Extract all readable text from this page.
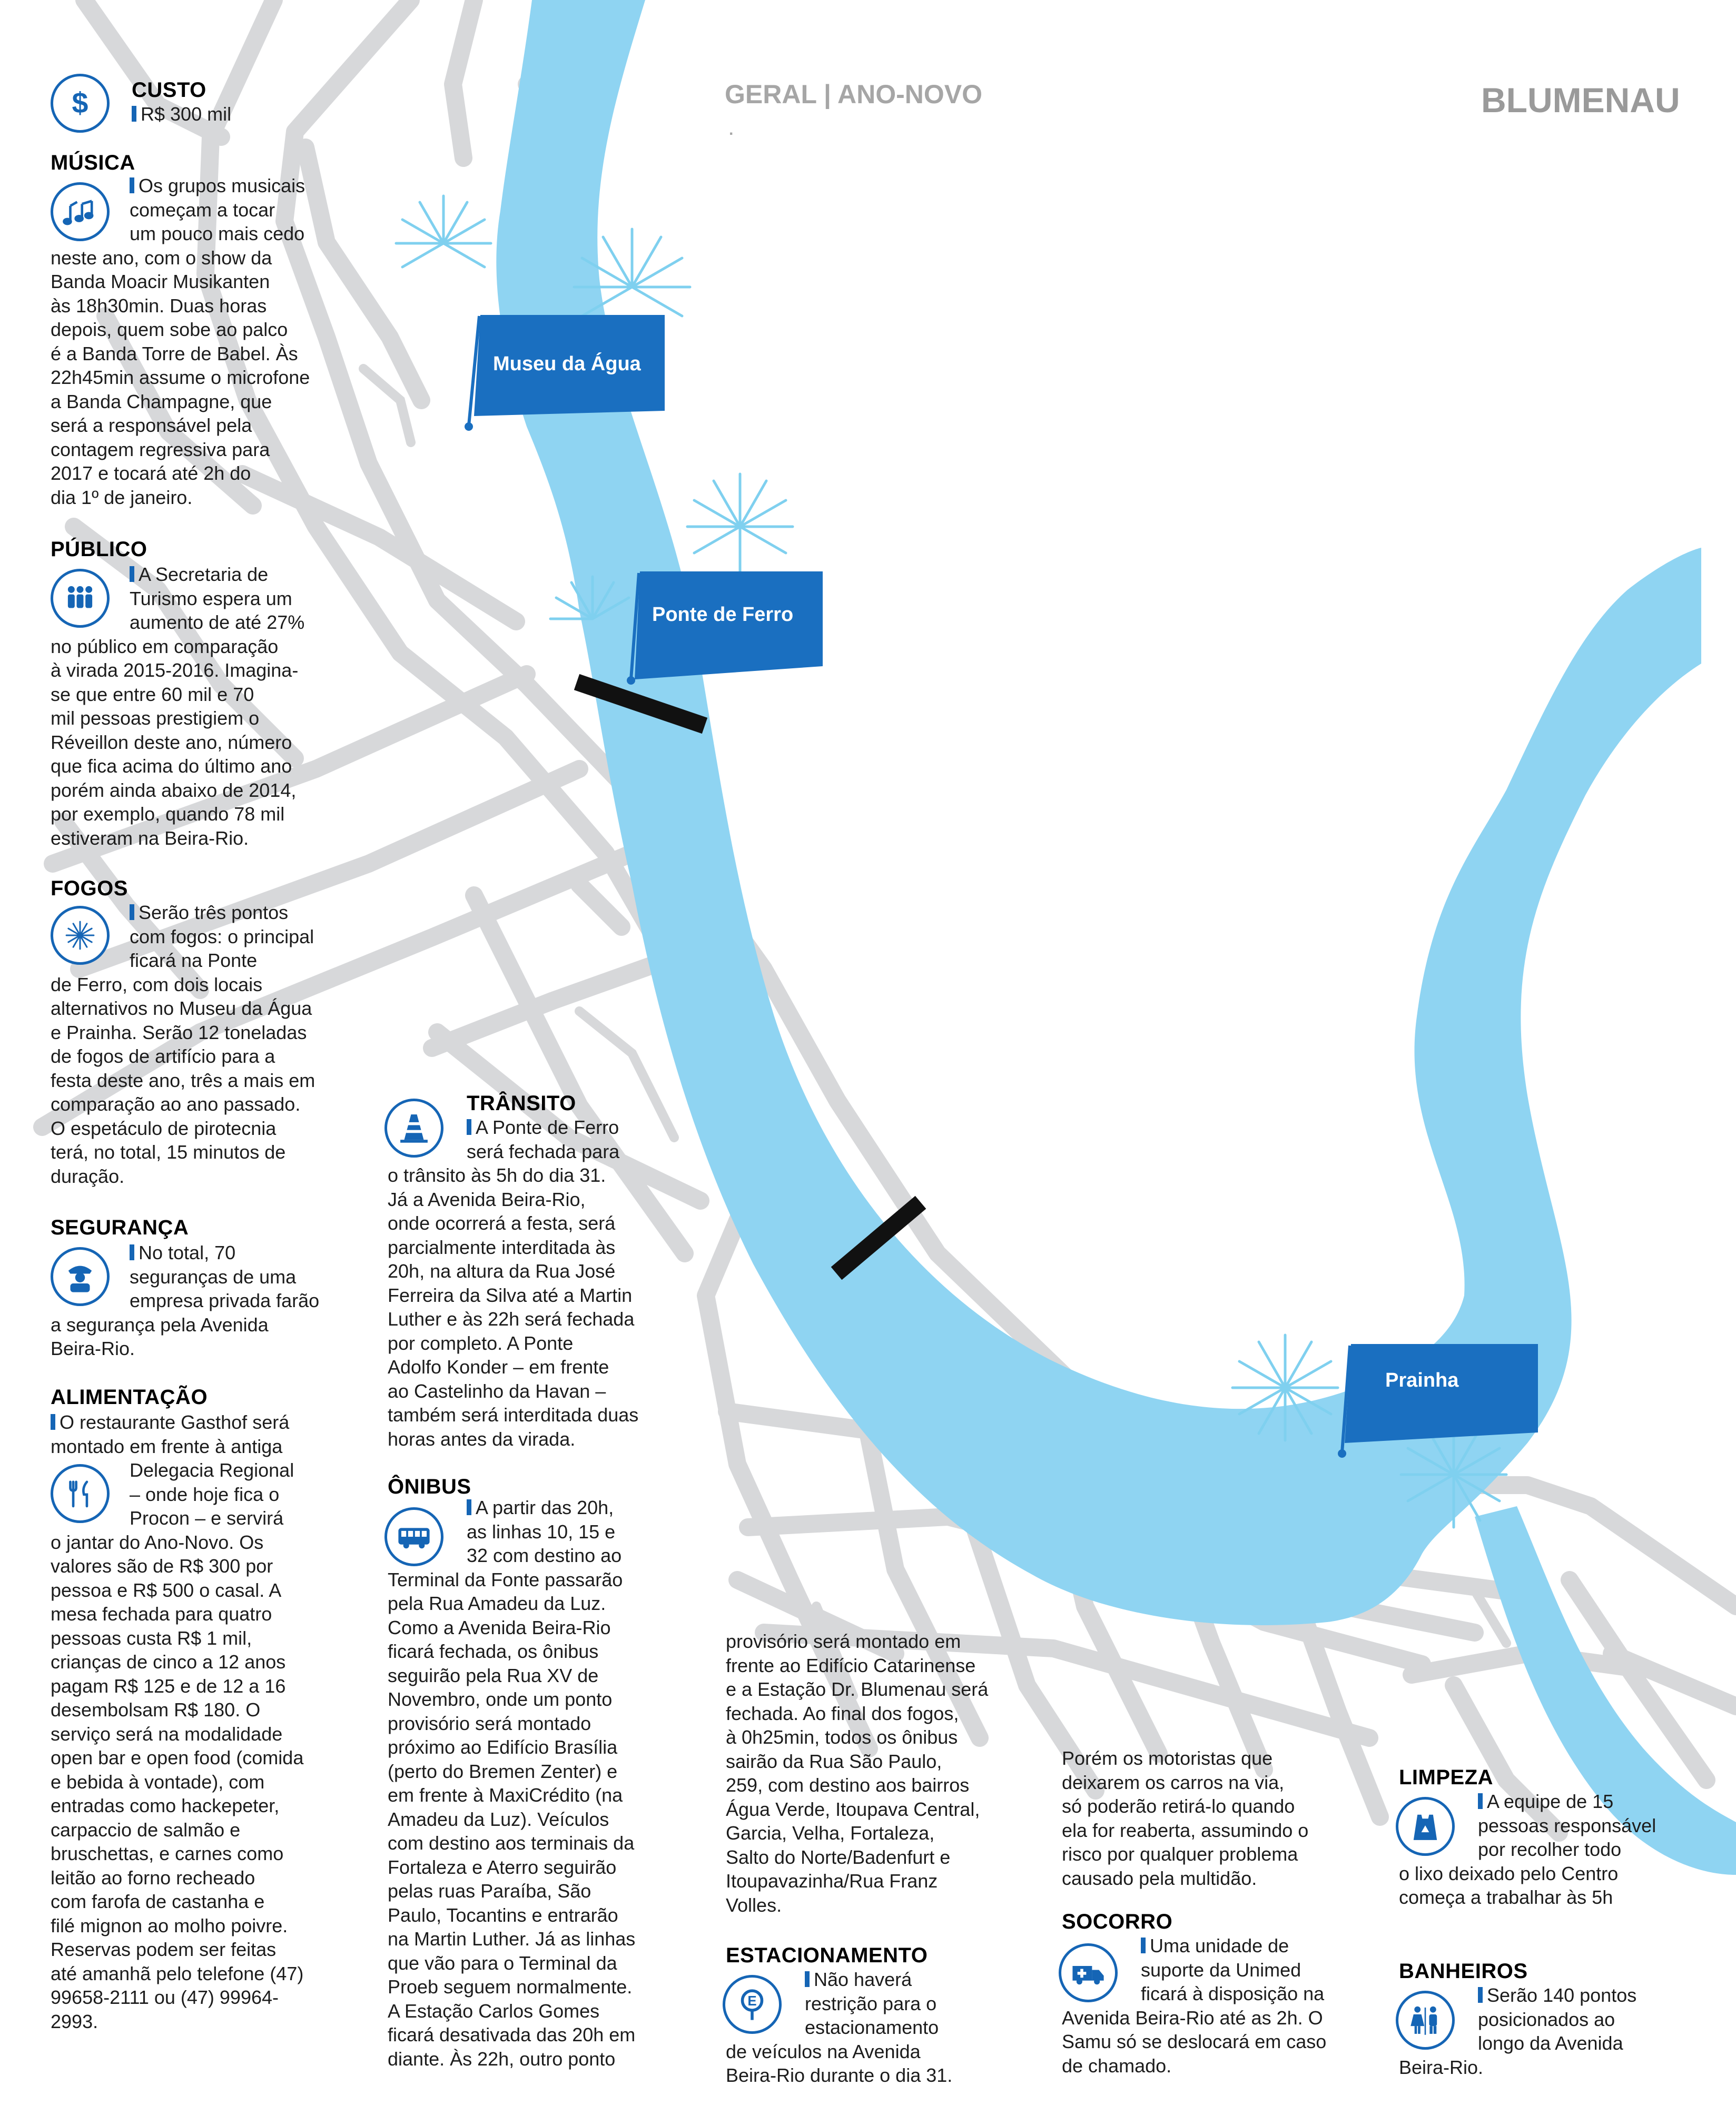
Museu da Água
Ponte de Ferro
Prainha
GERAL | ANO-NOVO
.
BLUMENAU
$ CUSTO

R$ 300 mil

MÚSICA

Os grupos musicais

começam a tocar

um pouco mais cedo

neste ano, com o show da

Banda Moacir Musikanten

às 18h30min. Duas horas

depois, quem sobe ao palco

é a Banda Torre de Babel. Às

22h45min assume o microfone

a Banda Champagne, que

será a responsável pela

contagem regressiva para

2017 e tocará até 2h do

dia 1º de janeiro.

PÚBLICO

A Secretaria de

Turismo espera um

aumento de até 27%

no público em comparação

à virada 2015-2016. Imagina-

se que entre 60 mil e 70

mil pessoas prestigiem o

Réveillon deste ano, número

que fica acima do último ano

porém ainda abaixo de 2014,

por exemplo, quando 78 mil

estiveram na Beira-Rio.

FOGOS

Serão três pontos

com fogos: o principal

ficará na Ponte

de Ferro, com dois locais

alternativos no Museu da Água

e Prainha. Serão 12 toneladas

de fogos de artifício para a

festa deste ano, três a mais em

comparação ao ano passado.

O espetáculo de pirotecnia

terá, no total, 15 minutos de

duração.

SEGURANÇA

No total, 70

seguranças de uma

empresa privada farão

a segurança pela Avenida

Beira-Rio.

ALIMENTAÇÃO

O restaurante Gasthof será

montado em frente à antiga

Delegacia Regional

– onde hoje fica o

Procon – e servirá

o jantar do Ano-Novo. Os

valores são de R$ 300 por

pessoa e R$ 500 o casal. A

mesa fechada para quatro

pessoas custa R$ 1 mil,

crianças de cinco a 12 anos

pagam R$ 125 e de 12 a 16

desembolsam R$ 180. O

serviço será na modalidade

open bar e open food (comida

e bebida à vontade), com

entradas como hackepeter,

carpaccio de salmão e

bruschettas, e carnes como

leitão ao forno recheado

com farofa de castanha e

filé mignon ao molho poivre.

Reservas podem ser feitas

até amanhã pelo telefone (47)

99658-2111 ou (47) 99964-

2993.

TRÂNSITO

A Ponte de Ferro

será fechada para

o trânsito às 5h do dia 31.

Já a Avenida Beira-Rio,

onde ocorrerá a festa, será

parcialmente interditada às

20h, na altura da Rua José

Ferreira da Silva até a Martin

Luther e às 22h será fechada

por completo. A Ponte

Adolfo Konder – em frente

ao Castelinho da Havan –

também será interditada duas

horas antes da virada.

ÔNIBUS

A partir das 20h,

as linhas 10, 15 e

32 com destino ao

Terminal da Fonte passarão

pela Rua Amadeu da Luz.

Como a Avenida Beira-Rio

ficará fechada, os ônibus

seguirão pela Rua XV de

Novembro, onde um ponto

provisório será montado

próximo ao Edifício Brasília

(perto do Bremen Zenter) e

em frente à MaxiCrédito (na

Amadeu da Luz). Veículos

com destino aos terminais da

Fortaleza e Aterro seguirão

pelas ruas Paraíba, São

Paulo, Tocantins e entrarão

na Martin Luther. Já as linhas

que vão para o Terminal da

Proeb seguem normalmente.

A Estação Carlos Gomes

ficará desativada das 20h em

diante. Às 22h, outro ponto

provisório será montado em

frente ao Edifício Catarinense

e a Estação Dr. Blumenau será

fechada. Ao final dos fogos,

à 0h25min, todos os ônibus

sairão da Rua São Paulo,

259, com destino aos bairros

Água Verde, Itoupava Central,

Garcia, Velha, Fortaleza,

Salto do Norte/Badenfurt e

Itoupavazinha/Rua Franz

Volles.

ESTACIONAMENTO
E

Não haverá

restrição para o

estacionamento

de veículos na Avenida

Beira-Rio durante o dia 31.

Porém os motoristas que

deixarem os carros na via,

só poderão retirá-lo quando

ela for reaberta, assumindo o

risco por qualquer problema

causado pela multidão.

SOCORRO

Uma unidade de

suporte da Unimed

ficará à disposição na

Avenida Beira-Rio até as 2h. O

Samu só se deslocará em caso

de chamado.

LIMPEZA

A equipe de 15

pessoas responsável

por recolher todo

o lixo deixado pelo Centro

começa a trabalhar às 5h

BANHEIROS

Serão 140 pontos

posicionados ao

longo da Avenida

Beira-Rio.
